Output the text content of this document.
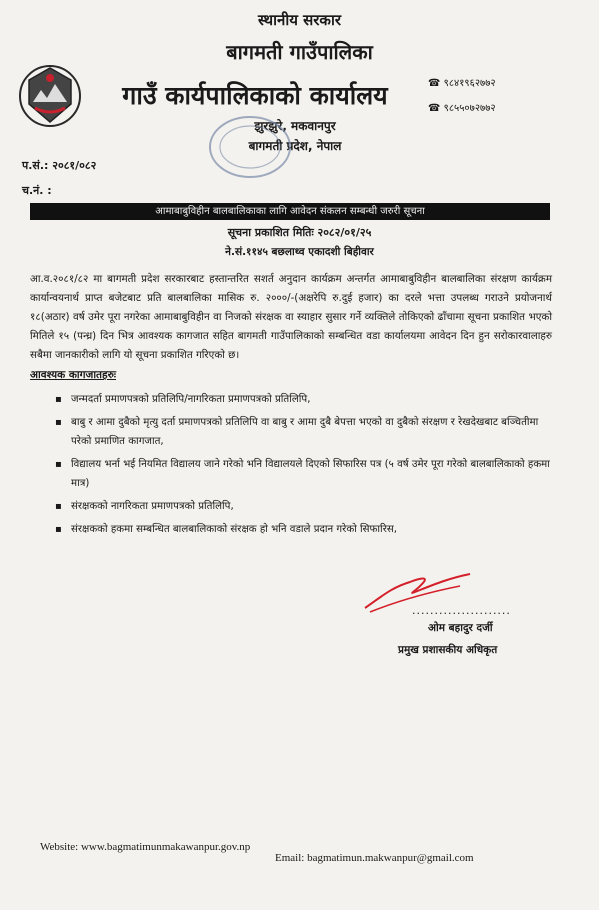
स्थानीय सरकार
बागमती गाउँपालिका
गाउँ कार्यपालिकाको कार्यालय
झुरझुरे, मकवानपुर
बागमती प्रदेश, नेपाल
☎ ९८४१९६२७७२
☎ ९८५५०७२७७२
प.सं.: २०८१/०८२
च.नं. :
आमाबाबुविहीन बालबालिकाका लागि आवेदन संकलन सम्बन्धी जरुरी सूचना
सूचना प्रकाशित मितिः २०८२/०१/२५
ने.सं.११४५ बछलाथ्व एकादशी बिहीवार
आ.व.२०८१/८२ मा बागमती प्रदेश सरकारबाट हस्तान्तरित सशर्त अनुदान कार्यक्रम अन्तर्गत आमाबाबुविहीन बालबालिका संरक्षण कार्यक्रम कार्यान्वयनार्थ प्राप्त बजेटबाट प्रति बालबालिका मासिक रु. २०००/-(अक्षरेपि रु.दुई हजार) का दरले भत्ता उपलब्ध गराउने प्रयोजनार्थ १८(अठार) वर्ष उमेर पूरा नगरेका आमाबाबुविहीन वा निजको संरक्षक वा स्याहार सुसार गर्ने व्यक्तिले तोकिएको ढाँचामा सूचना प्रकाशित भएको मितिले १५ (पन्ध्र) दिन भित्र आवश्यक कागजात सहित बागमती गाउँपालिकाको सम्बन्धित वडा कार्यालयमा आवेदन दिन हुन सरोकारवालाहरु सबैमा जानकारीको लागि यो सूचना प्रकाशित गरिएको छ।
आवश्यक कागजातहरुः
▪ जन्मदर्ता प्रमाणपत्रको प्रतिलिपि/नागरिकता प्रमाणपत्रको प्रतिलिपि,
▪ बाबु र आमा दुबैको मृत्यु दर्ता प्रमाणपत्रको प्रतिलिपि वा बाबु र आमा दुबै बेपत्ता भएको वा दुबैको संरक्षण र रेखदेखबाट बञ्चितीमा परेको प्रमाणित कागजात,
▪ विद्यालय भर्ना भई नियमित विद्यालय जाने गरेको भनि विद्यालयले दिएको सिफारिस पत्र (५ वर्ष उमेर पूरा गरेको बालबालिकाको हकमा मात्र)
▪ संरक्षकको नागरिकता प्रमाणपत्रको प्रतिलिपि,
▪ संरक्षकको हकमा सम्बन्धित बालबालिकाको संरक्षक हो भनि वडाले प्रदान गरेको सिफारिस,
......................
ओम बहादुर दर्जी
प्रमुख प्रशासकीय अधिकृत
Website: www.bagmatimunmakawanpur.gov.np
Email: bagmatimun.makwanpur@gmail.com
